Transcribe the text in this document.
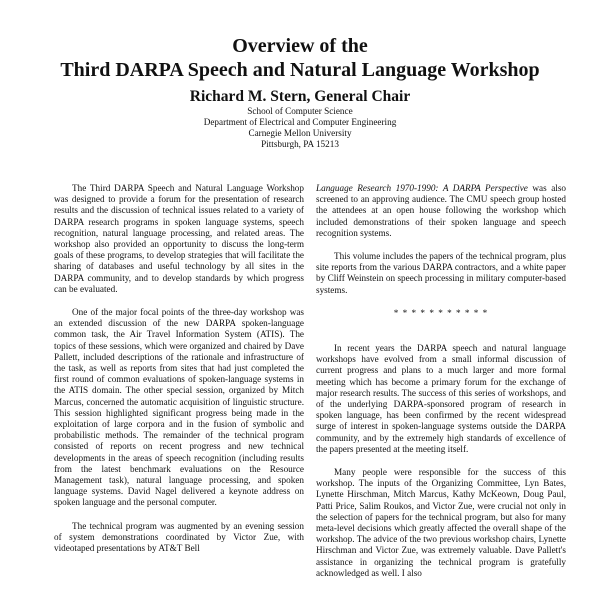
Overview of the
Third DARPA Speech and Natural Language Workshop
Richard M. Stern, General Chair
School of Computer Science
Department of Electrical and Computer Engineering
Carnegie Mellon University
Pittsburgh, PA 15213

The Third DARPA Speech and Natural Language Workshop was designed to provide a forum for the presentation of research results and the discussion of technical issues related to a variety of DARPA research programs in spoken language systems, speech recognition, natural language processing, and related areas. The workshop also provided an opportunity to discuss the long-term goals of these programs, to develop strategies that will facilitate the sharing of databases and useful technology by all sites in the DARPA community, and to develop standards by which progress can be evaluated.

One of the major focal points of the three-day workshop was an extended discussion of the new DARPA spoken-language common task, the Air Travel Information System (ATIS). The topics of these sessions, which were organized and chaired by Dave Pallett, included descriptions of the rationale and infrastructure of the task, as well as reports from sites that had just completed the first round of common evaluations of spoken-language systems in the ATIS domain. The other special session, organized by Mitch Marcus, concerned the automatic acquisition of linguistic structure. This session highlighted significant progress being made in the exploitation of large corpora and in the fusion of symbolic and probabilistic methods. The remainder of the technical program consisted of reports on recent progress and new technical developments in the areas of speech recognition (including results from the latest benchmark evaluations on the Resource Management task), natural language processing, and spoken language systems. David Nagel delivered a keynote address on spoken language and the personal computer.

The technical program was augmented by an evening session of system demonstrations coordinated by Victor Zue, with videotaped presentations by AT&T Bell

Language Research 1970-1990: A DARPA Perspective was also screened to an approving audience. The CMU speech group hosted the attendees at an open house following the workshop which included demonstrations of their spoken language and speech recognition systems.

This volume includes the papers of the technical program, plus site reports from the various DARPA contractors, and a white paper by Cliff Weinstein on speech processing in military computer-based systems.

* * * * * * * * * * *

In recent years the DARPA speech and natural language workshops have evolved from a small informal discussion of current progress and plans to a much larger and more formal meeting which has become a primary forum for the exchange of major research results. The success of this series of workshops, and of the underlying DARPA-sponsored program of research in spoken language, has been confirmed by the recent widespread surge of interest in spoken-language systems outside the DARPA community, and by the extremely high standards of excellence of the papers presented at the meeting itself.

Many people were responsible for the success of this workshop. The inputs of the Organizing Committee, Lyn Bates, Lynette Hirschman, Mitch Marcus, Kathy McKeown, Doug Paul, Patti Price, Salim Roukos, and Victor Zue, were crucial not only in the selection of papers for the technical program, but also for many meta-level decisions which greatly affected the overall shape of the workshop. The advice of the two previous workshop chairs, Lynette Hirschman and Victor Zue, was extremely valuable. Dave Pallett's assistance in organizing the technical program is gratefully acknowledged as well. I also
